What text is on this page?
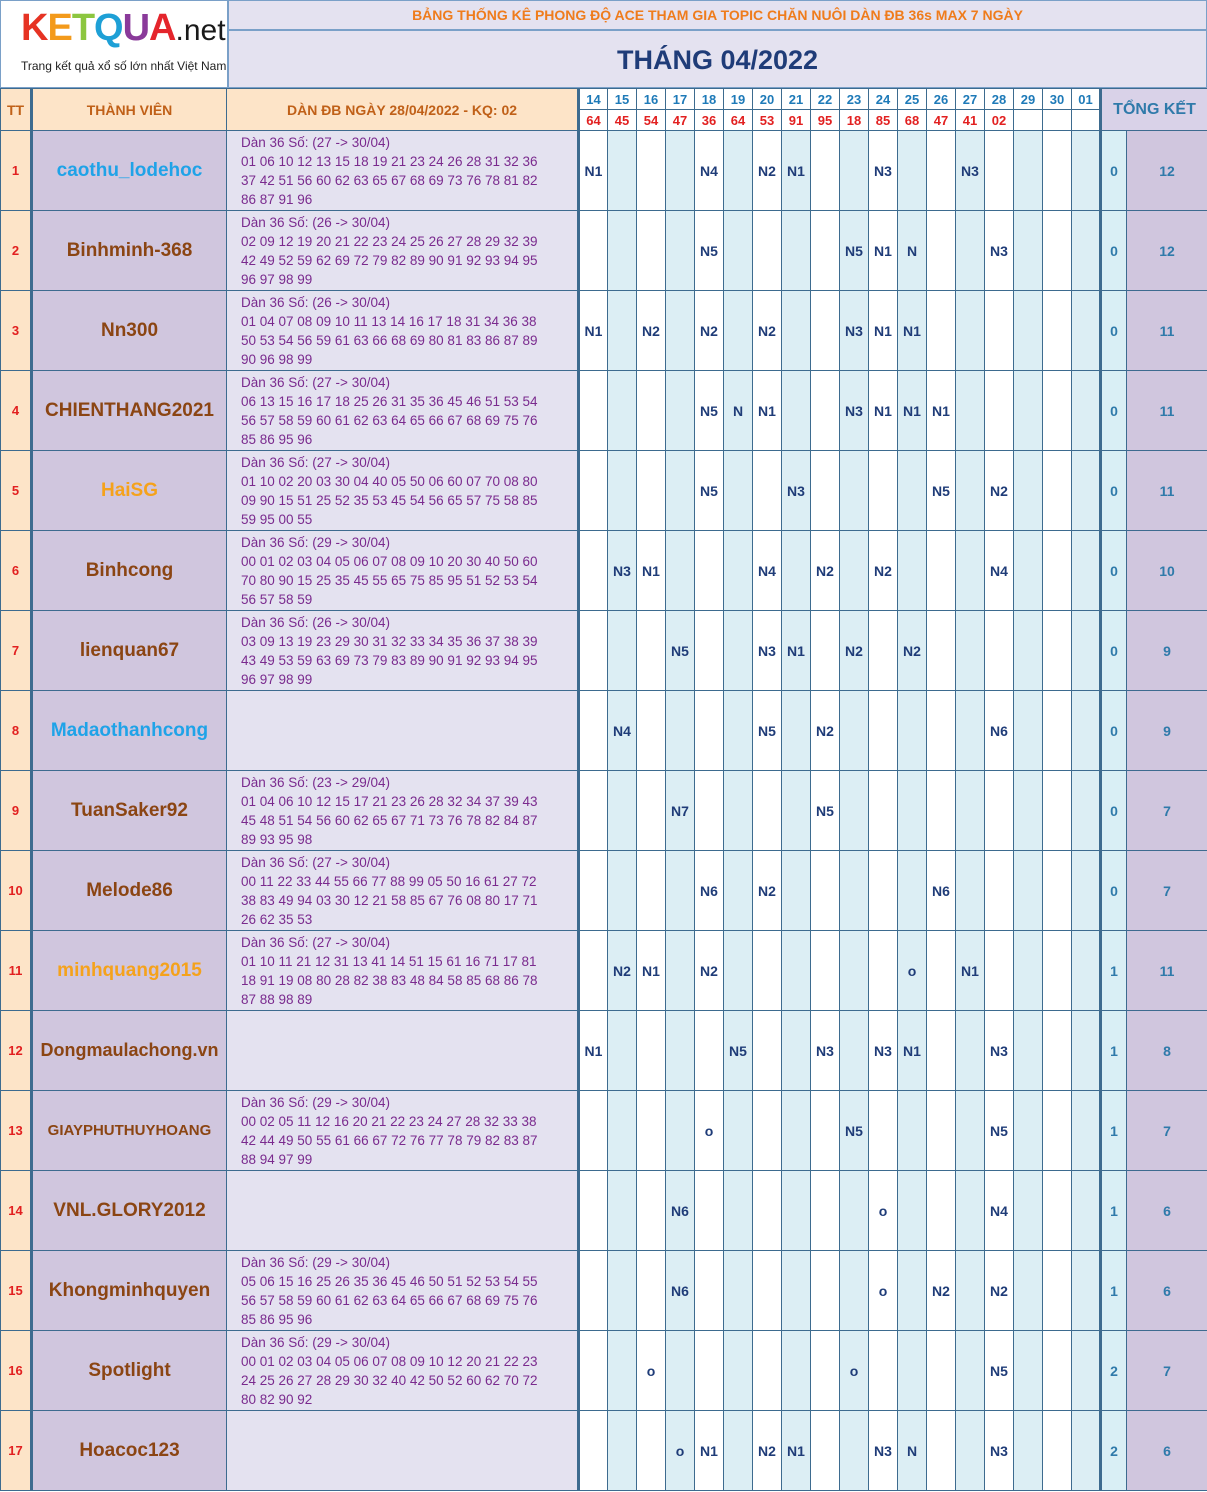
KETQUA.net
Trang kết quả xổ số lớn nhất Việt Nam
BẢNG THỐNG KÊ PHONG ĐỘ ACE THAM GIA TOPIC CHĂN NUÔI DÀN ĐB 36s MAX 7 NGÀY
THÁNG 04/2022
TT	THÀNH VIÊN	DÀN ĐB NGÀY 28/04/2022 - KQ: 02	14	15	16	17	18	19	20	21	22	23	24	25	26	27	28	29	30	01	TỔNG KẾT	
			64	45	54	47	36	64	53	91	95	18	85	68	47	41	02					
1	caothu_lodehoc	Dàn 36 Số: (27 -> 30/04)
01 06 10 12 13 15 18 19 21 23 24 26 28 31 32 36
37 42 51 56 60 62 63 65 67 68 69 73 76 78 81 82
86 87 91 96	N1				N4		N2	N1			N3			N3					0	12
2	Binhminh-368	Dàn 36 Số: (26 -> 30/04)
02 09 12 19 20 21 22 23 24 25 26 27 28 29 32 39
42 49 52 59 62 69 72 79 82 89 90 91 92 93 94 95
96 97 98 99					N5					N5	N1	N			N3				0	12
3	Nn300	Dàn 36 Số: (26 -> 30/04)
01 04 07 08 09 10 11 13 14 16 17 18 31 34 36 38
50 53 54 56 59 61 63 66 68 69 80 81 83 86 87 89
90 96 98 99	N1		N2		N2		N2			N3	N1	N1							0	11
4	CHIENTHANG2021	Dàn 36 Số: (27 -> 30/04)
06 13 15 16 17 18 25 26 31 35 36 45 46 51 53 54
56 57 58 59 60 61 62 63 64 65 66 67 68 69 75 76
85 86 95 96					N5	N	N1			N3	N1	N1	N1						0	11
5	HaiSG	Dàn 36 Số: (27 -> 30/04)
01 10 02 20 03 30 04 40 05 50 06 60 07 70 08 80
09 90 15 51 25 52 35 53 45 54 56 65 57 75 58 85
59 95 00 55					N5			N3					N5		N2				0	11
6	Binhcong	Dàn 36 Số: (29 -> 30/04)
00 01 02 03 04 05 06 07 08 09 10 20 30 40 50 60
70 80 90 15 25 35 45 55 65 75 85 95 51 52 53 54
56 57 58 59		N3	N1				N4		N2		N2				N4				0	10
7	lienquan67	Dàn 36 Số: (26 -> 30/04)
03 09 13 19 23 29 30 31 32 33 34 35 36 37 38 39
43 49 53 59 63 69 73 79 83 89 90 91 92 93 94 95
96 97 98 99				N5			N3	N1		N2		N2							0	9
8	Madaothanhcong			N4					N5		N2						N6				0	9
9	TuanSaker92	Dàn 36 Số: (23 -> 29/04)
01 04 06 10 12 15 17 21 23 26 28 32 34 37 39 43
45 48 51 54 56 60 62 65 67 71 73 76 78 82 84 87
89 93 95 98				N7					N5										0	7
10	Melode86	Dàn 36 Số: (27 -> 30/04)
00 11 22 33 44 55 66 77 88 99 05 50 16 61 27 72
38 83 49 94 03 30 12 21 58 85 67 76 08 80 17 71
26 62 35 53					N6		N2						N6						0	7
11	minhquang2015	Dàn 36 Số: (27 -> 30/04)
01 10 11 21 12 31 13 41 14 51 15 61 16 71 17 81
18 91 19 08 80 28 82 38 83 48 84 58 85 68 86 78
87 88 98 89		N2	N1		N2							o		N1					1	11
12	Dongmaulachong.vn		N1					N5			N3		N3	N1			N3				1	8
13	GIAYPHUTHUYHOANG	Dàn 36 Số: (29 -> 30/04)
00 02 05 11 12 16 20 21 22 23 24 27 28 32 33 38
42 44 49 50 55 61 66 67 72 76 77 78 79 82 83 87
88 94 97 99					o					N5					N5				1	7
14	VNL.GLORY2012					N6							o				N4				1	6
15	Khongminhquyen	Dàn 36 Số: (29 -> 30/04)
05 06 15 16 25 26 35 36 45 46 50 51 52 53 54 55
56 57 58 59 60 61 62 63 64 65 66 67 68 69 75 76
85 86 95 96				N6							o		N2		N2				1	6
16	Spotlight	Dàn 36 Số: (29 -> 30/04)
00 01 02 03 04 05 06 07 08 09 10 12 20 21 22 23
24 25 26 27 28 29 30 32 40 42 50 52 60 62 70 72
80 82 90 92			o							o					N5				2	7
17	Hoacoc123					o	N1		N2	N1			N3	N			N3				2	6
